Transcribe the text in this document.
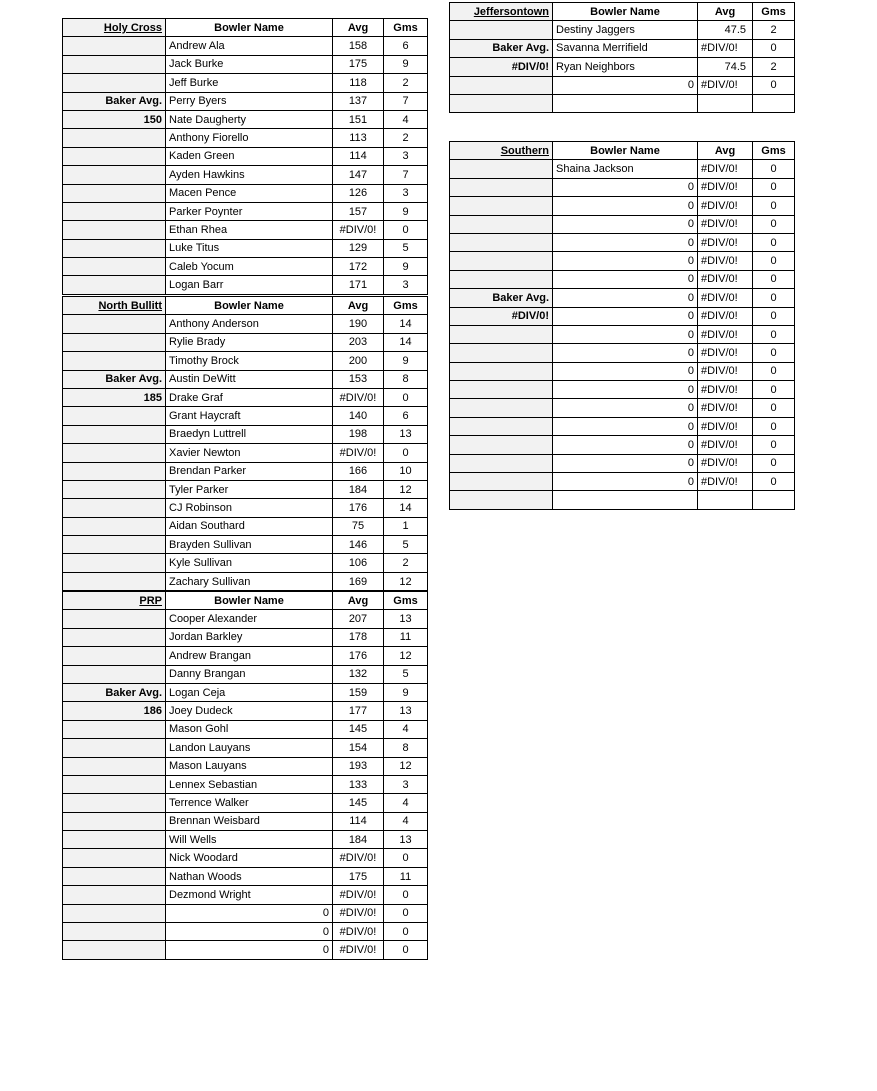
Holy Cross	Bowler Name	Avg	Gms
	Andrew Ala	158	6
	Jack Burke	175	9
	Jeff Burke	118	2
Baker Avg.	Perry Byers	137	7
150	Nate Daugherty	151	4
	Anthony Fiorello	113	2
	Kaden Green	114	3
	Ayden Hawkins	147	7
	Macen Pence	126	3
	Parker Poynter	157	9
	Ethan Rhea	#DIV/0!	0
	Luke Titus	129	5
	Caleb Yocum	172	9
	Logan Barr	171	3
North Bullitt	Bowler Name	Avg	Gms
	Anthony Anderson	190	14
	Rylie Brady	203	14
	Timothy Brock	200	9
Baker Avg.	Austin DeWitt	153	8
185	Drake Graf	#DIV/0!	0
	Grant Haycraft	140	6
	Braedyn Luttrell	198	13
	Xavier Newton	#DIV/0!	0
	Brendan Parker	166	10
	Tyler Parker	184	12
	CJ Robinson	176	14
	Aidan Southard	75	1
	Brayden Sullivan	146	5
	Kyle Sullivan	106	2
	Zachary Sullivan	169	12
PRP	Bowler Name	Avg	Gms
	Cooper Alexander	207	13
	Jordan Barkley	178	11
	Andrew Brangan	176	12
	Danny Brangan	132	5
Baker Avg.	Logan Ceja	159	9
186	Joey Dudeck	177	13
	Mason Gohl	145	4
	Landon Lauyans	154	8
	Mason Lauyans	193	12
	Lennex Sebastian	133	3
	Terrence Walker	145	4
	Brennan Weisbard	114	4
	Will Wells	184	13
	Nick Woodard	#DIV/0!	0
	Nathan Woods	175	11
	Dezmond Wright	#DIV/0!	0
	0	#DIV/0!	0
	0	#DIV/0!	0
	0	#DIV/0!	0
Jeffersontown	Bowler Name	Avg	Gms
	Destiny Jaggers	47.5	2
Baker Avg.	Savanna Merrifield	#DIV/0!	0
#DIV/0!	Ryan Neighbors	74.5	2
	0	#DIV/0!	0

Southern	Bowler Name	Avg	Gms
	Shaina Jackson	#DIV/0!	0
	0	#DIV/0!	0
	0	#DIV/0!	0
	0	#DIV/0!	0
	0	#DIV/0!	0
	0	#DIV/0!	0
	0	#DIV/0!	0
Baker Avg.	0	#DIV/0!	0
#DIV/0!	0	#DIV/0!	0
	0	#DIV/0!	0
	0	#DIV/0!	0
	0	#DIV/0!	0
	0	#DIV/0!	0
	0	#DIV/0!	0
	0	#DIV/0!	0
	0	#DIV/0!	0
	0	#DIV/0!	0
	0	#DIV/0!	0
